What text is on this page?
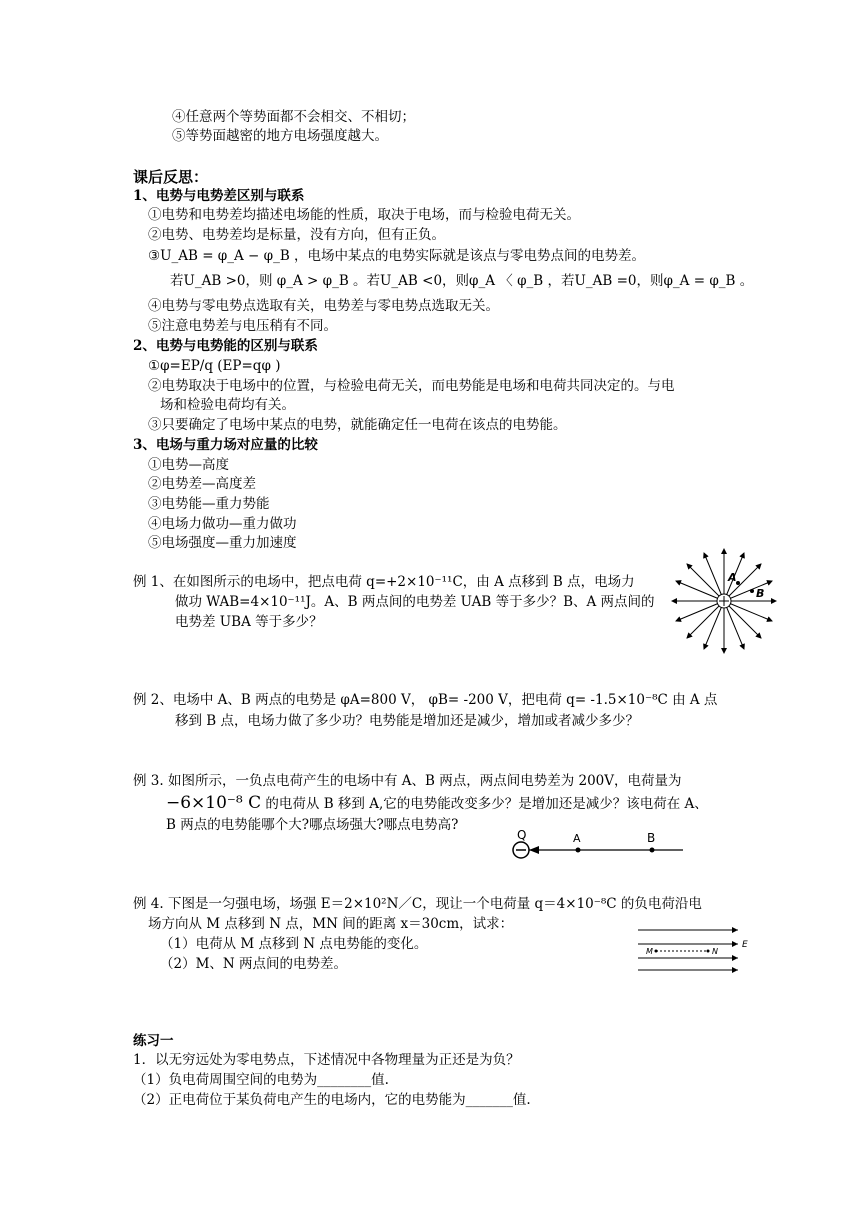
④任意两个等势面都不会相交、不相切；
⑤等势面越密的地方电场强度越大。
课后反思：
1、电势与电势差区别与联系
①电势和电势差均描述电场能的性质，取决于电场，而与检验电荷无关。
②电势、电势差均是标量，没有方向，但有正负。
③U_AB = φ_A − φ_B ，电场中某点的电势实际就是该点与零电势点间的电势差。
若U_AB >0，则 φ_A > φ_B 。若U_AB <0，则φ_A 〈 φ_B ，若U_AB =0，则φ_A = φ_B 。
④电势与零电势点选取有关，电势差与零电势点选取无关。
⑤注意电势差与电压稍有不同。
2、电势与电势能的区别与联系
①φ=EP/q (EP=qφ )
②电势取决于电场中的位置，与检验电荷无关，而电势能是电场和电荷共同决定的。与电
场和检验电荷均有关。
③只要确定了电场中某点的电势，就能确定任一电荷在该点的电势能。
3、电场与重力场对应量的比较
①电势—高度
②电势差—高度差
③电势能—重力势能
④电场力做功—重力做功
⑤电场强度—重力加速度
例 1、在如图所示的电场中，把点电荷 q=+2×10⁻¹¹C，由 A 点移到 B 点，电场力
做功 WAB=4×10⁻¹¹J。A、B 两点间的电势差 UAB 等于多少？B、A 两点间的
电势差 UBA 等于多少？
A
B
例 2、电场中 A、B 两点的电势是 φA=800 V， φB= -200 V，把电荷 q= -1.5×10⁻⁸C 由 A 点
移到 B 点，电场力做了多少功？电势能是增加还是减少，增加或者减少多少？
例 3. 如图所示，一负点电荷产生的电场中有 A、B 两点，两点间电势差为 200V，电荷量为
−6×10⁻⁸ C 的电荷从 B 移到 A,它的电势能改变多少？是增加还是减少？该电荷在 A、
B 两点的电势能哪个大?哪点场强大?哪点电势高?
Q	A	B
例 4. 下图是一匀强电场，场强 E＝2×10²N／C，现让一个电荷量 q＝4×10⁻⁸C 的负电荷沿电
场方向从 M 点移到 N 点，MN 间的距离 x＝30cm，试求：
（1）电荷从 M 点移到 N 点电势能的变化。
（2）M、N 两点间的电势差。
M	N
E
练习一
1．以无穷远处为零电势点，下述情况中各物理量为正还是为负？
（1）负电荷周围空间的电势为________值.
（2）正电荷位于某负荷电产生的电场内，它的电势能为_______值.
